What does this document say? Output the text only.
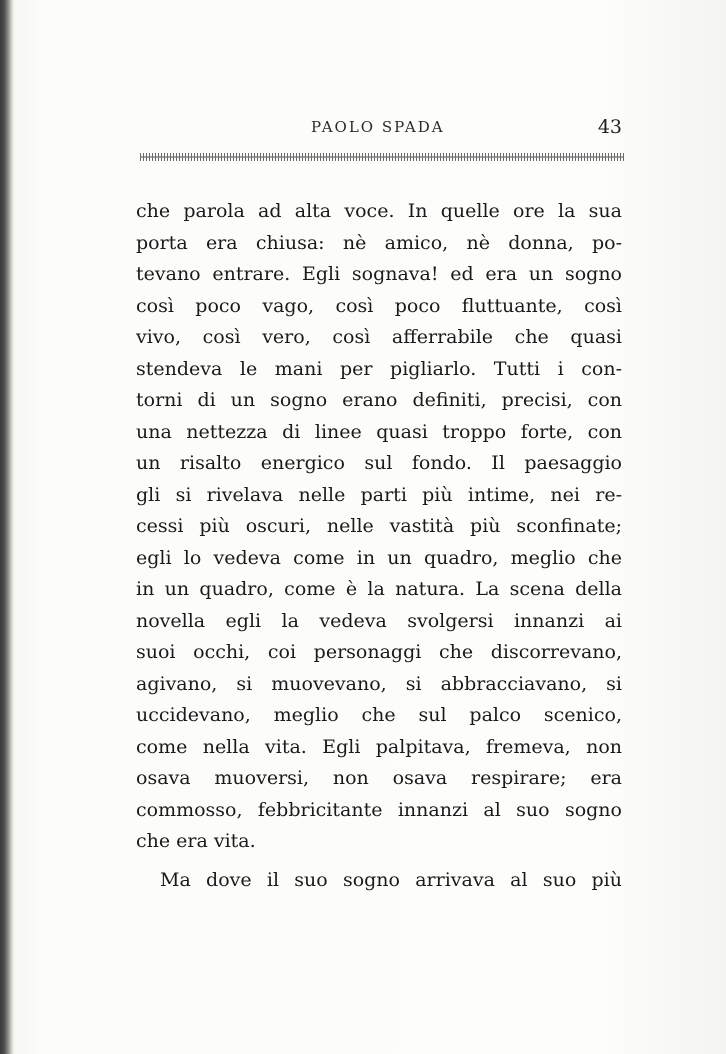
PAOLO SPADA	43
che parola ad alta voce. In quelle ore la sua
porta era chiusa: nè amico, nè donna, po-
tevano entrare. Egli sognava! ed era un sogno
così poco vago, così poco fluttuante, così
vivo, così vero, così afferrabile che quasi
stendeva le mani per pigliarlo. Tutti i con-
torni di un sogno erano definiti, precisi, con
una nettezza di linee quasi troppo forte, con
un risalto energico sul fondo. Il paesaggio
gli si rivelava nelle parti più intime, nei re-
cessi più oscuri, nelle vastità più sconfinate;
egli lo vedeva come in un quadro, meglio che
in un quadro, come è la natura. La scena della
novella egli la vedeva svolgersi innanzi ai
suoi occhi, coi personaggi che discorrevano,
agivano, si muovevano, si abbracciavano, si
uccidevano, meglio che sul palco scenico,
come nella vita. Egli palpitava, fremeva, non
osava muoversi, non osava respirare; era
commosso, febbricitante innanzi al suo sogno
che era vita.
Ma dove il suo sogno arrivava al suo più
